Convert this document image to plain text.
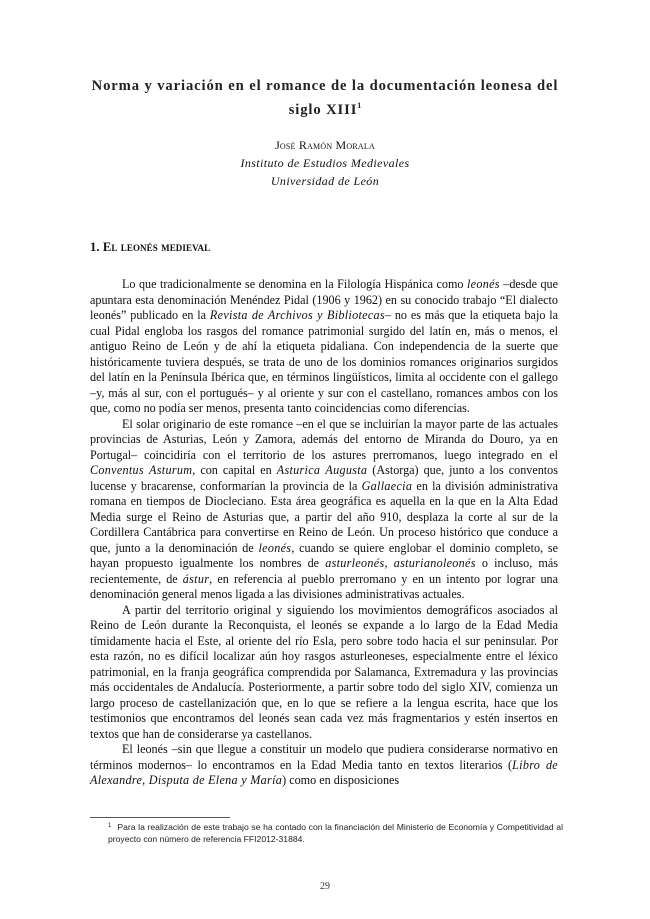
Norma y variación en el romance de la documentación leonesa del siglo XIII$^1$
José Ramón Morala
Instituto de Estudios Medievales
Universidad de León
1. El leonés medieval

Lo que tradicionalmente se denomina en la Filología Hispánica como leonés –desde que apuntara esta denominación Menéndez Pidal (1906 y 1962) en su conocido trabajo “El dialecto leonés” publicado en la Revista de Archivos y Bibliotecas– no es más que la etiqueta bajo la cual Pidal engloba los rasgos del romance patrimonial surgido del latín en, más o menos, el antiguo Reino de León y de ahí la etiqueta pidaliana. Con independencia de la suerte que históricamente tuviera después, se trata de uno de los dominios romances originarios surgidos del latín en la Península Ibérica que, en términos lingüísticos, limita al occidente con el gallego –y, más al sur, con el portugués– y al oriente y sur con el castellano, romances ambos con los que, como no podía ser menos, presenta tanto coincidencias como diferencias.

El solar originario de este romance –en el que se incluirían la mayor parte de las actuales provincias de Asturias, León y Zamora, además del entorno de Miranda do Douro, ya en Portugal– coincidiría con el territorio de los astures prerromanos, luego integrado en el Conventus Asturum, con capital en Asturica Augusta (Astorga) que, junto a los conventos lucense y bracarense, conformarían la provincia de la Gallaecia en la división administrativa romana en tiempos de Diocleciano. Esta área geográfica es aquella en la que en la Alta Edad Media surge el Reino de Asturias que, a partir del año 910, desplaza la corte al sur de la Cordillera Cantábrica para convertirse en Reino de León. Un proceso histórico que conduce a que, junto a la denominación de leonés, cuando se quiere englobar el dominio completo, se hayan propuesto igualmente los nombres de asturleonés, asturianoleonés o incluso, más recientemente, de ástur, en referencia al pueblo prerromano y en un intento por lograr una denominación general menos ligada a las divisiones administrativas actuales.

A partir del territorio original y siguiendo los movimientos demográficos asociados al Reino de León durante la Reconquista, el leonés se expande a lo largo de la Edad Media tímidamente hacia el Este, al oriente del río Esla, pero sobre todo hacia el sur peninsular. Por esta razón, no es difícil localizar aún hoy rasgos asturleoneses, especialmente entre el léxico patrimonial, en la franja geográfica comprendida por Salamanca, Extremadura y las provincias más occidentales de Andalucía. Posteriormente, a partir sobre todo del siglo XIV, comienza un largo proceso de castellanización que, en lo que se refiere a la lengua escrita, hace que los testimonios que encontramos del leonés sean cada vez más fragmentarios y estén insertos en textos que han de considerarse ya castellanos.

El leonés –sin que llegue a constituir un modelo que pudiera considerarse normativo en términos modernos– lo encontramos en la Edad Media tanto en textos literarios (Libro de Alexandre, Disputa de Elena y María) como en disposiciones

$^1$ Para la realización de este trabajo se ha contado con la financiación del Ministerio de Economía y Competitividad al proyecto con número de referencia FFI2012-31884.
29
